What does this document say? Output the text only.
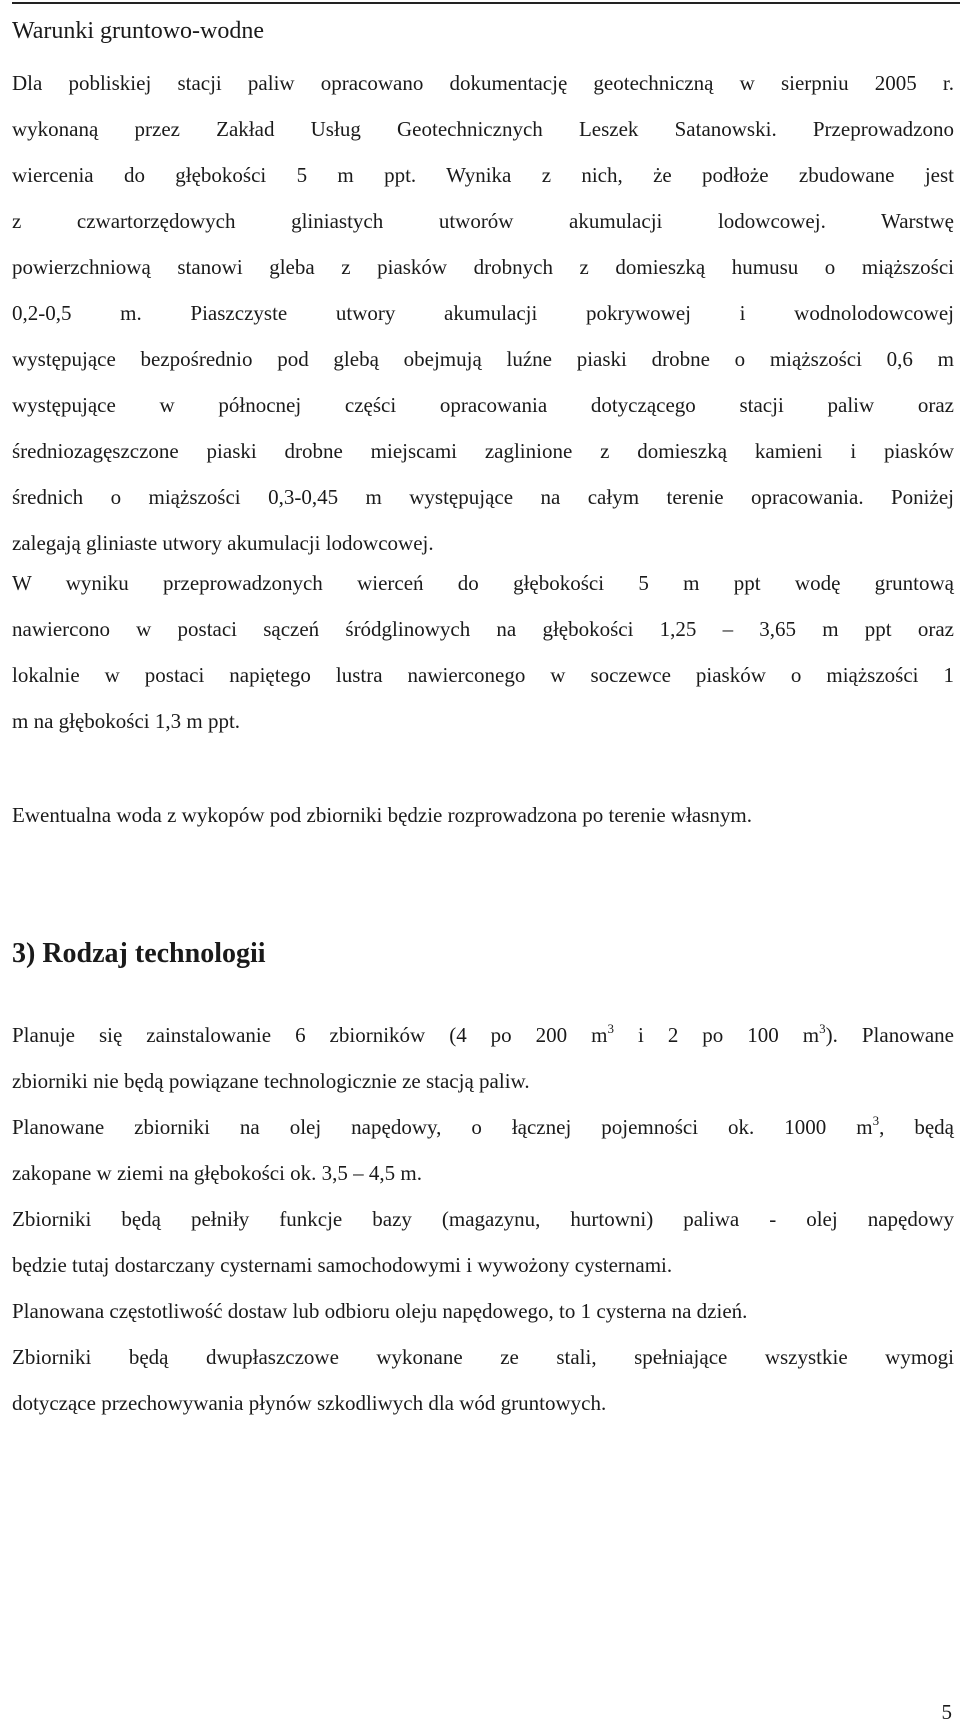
Warunki gruntowo-wodne
Dla pobliskiej stacji paliw opracowano dokumentację geotechniczną w sierpniu 2005 r.
wykonaną przez Zakład Usług Geotechnicznych Leszek Satanowski. Przeprowadzono
wiercenia do głębokości 5 m ppt. Wynika z nich, że podłoże zbudowane jest
z czwartorzędowych gliniastych utworów akumulacji lodowcowej. Warstwę
powierzchniową stanowi gleba z piasków drobnych z domieszką humusu o miąższości
0,2-0,5 m. Piaszczyste utwory akumulacji pokrywowej i wodnolodowcowej
występujące bezpośrednio pod glebą obejmują luźne piaski drobne o miąższości 0,6 m
występujące w północnej części opracowania dotyczącego stacji paliw oraz
średniozagęszczone piaski drobne miejscami zaglinione z domieszką kamieni i piasków
średnich o miąższości 0,3-0,45 m występujące na całym terenie opracowania. Poniżej
zalegają gliniaste utwory akumulacji lodowcowej.
W wyniku przeprowadzonych wierceń do głębokości 5 m ppt wodę gruntową
nawiercono w postaci sączeń śródglinowych na głębokości 1,25 – 3,65 m ppt oraz
lokalnie w postaci napiętego lustra nawierconego w soczewce piasków o miąższości 1
m na głębokości 1,3 m ppt.
Ewentualna woda z wykopów pod zbiorniki będzie rozprowadzona po terenie własnym.
3) Rodzaj technologii
Planuje się zainstalowanie 6 zbiorników (4 po 200 $m^3$ i 2 po 100 $m^3$). Planowane
zbiorniki nie będą powiązane technologicznie ze stacją paliw.
Planowane zbiorniki na olej napędowy, o łącznej pojemności ok. 1000 $m^3$, będą
zakopane w ziemi na głębokości ok. 3,5 – 4,5 m.
Zbiorniki będą pełniły funkcje bazy (magazynu, hurtowni) paliwa - olej napędowy
będzie tutaj dostarczany cysternami samochodowymi i wywożony cysternami.
Planowana częstotliwość dostaw lub odbioru oleju napędowego, to 1 cysterna na dzień.
Zbiorniki będą dwupłaszczowe wykonane ze stali, spełniające wszystkie wymogi
dotyczące przechowywania płynów szkodliwych dla wód gruntowych.
5
